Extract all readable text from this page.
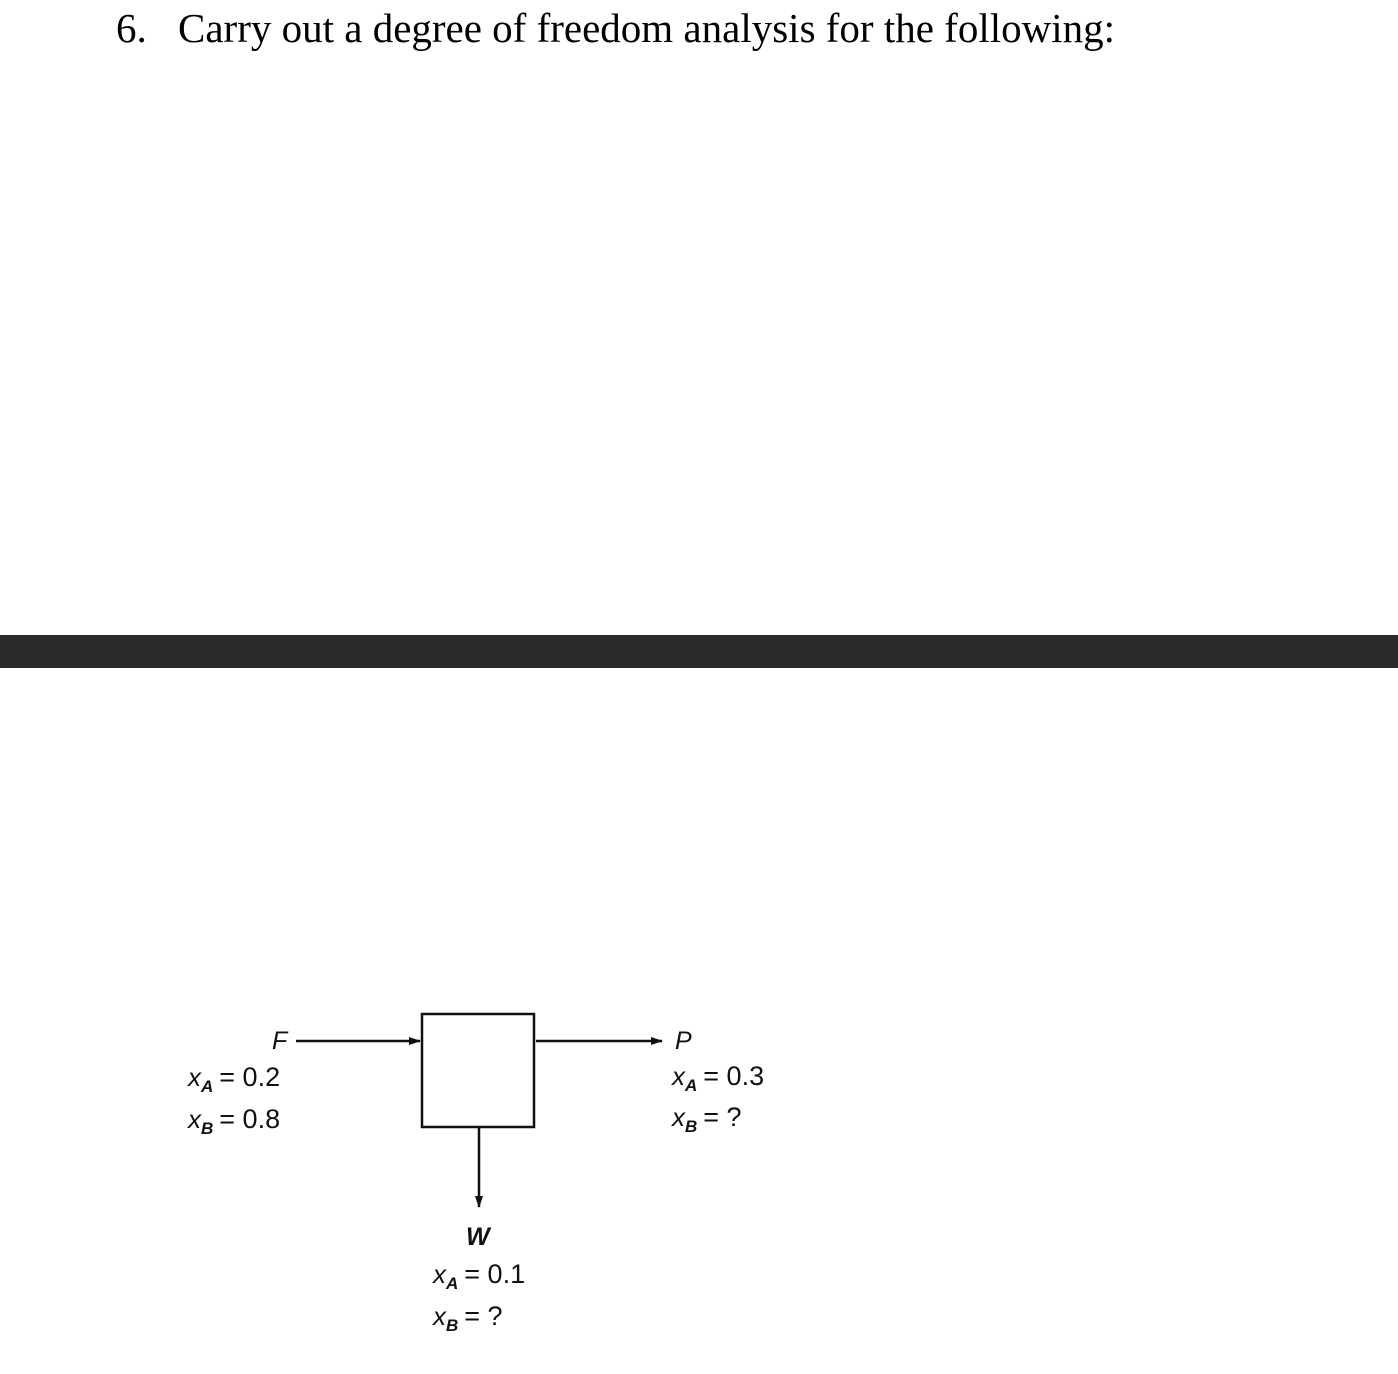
6. Carry out a degree of freedom analysis for the following:
F
xA = 0.2
xB = 0.8
P
xA = 0.3
xB = ?
W
xA = 0.1
xB = ?
